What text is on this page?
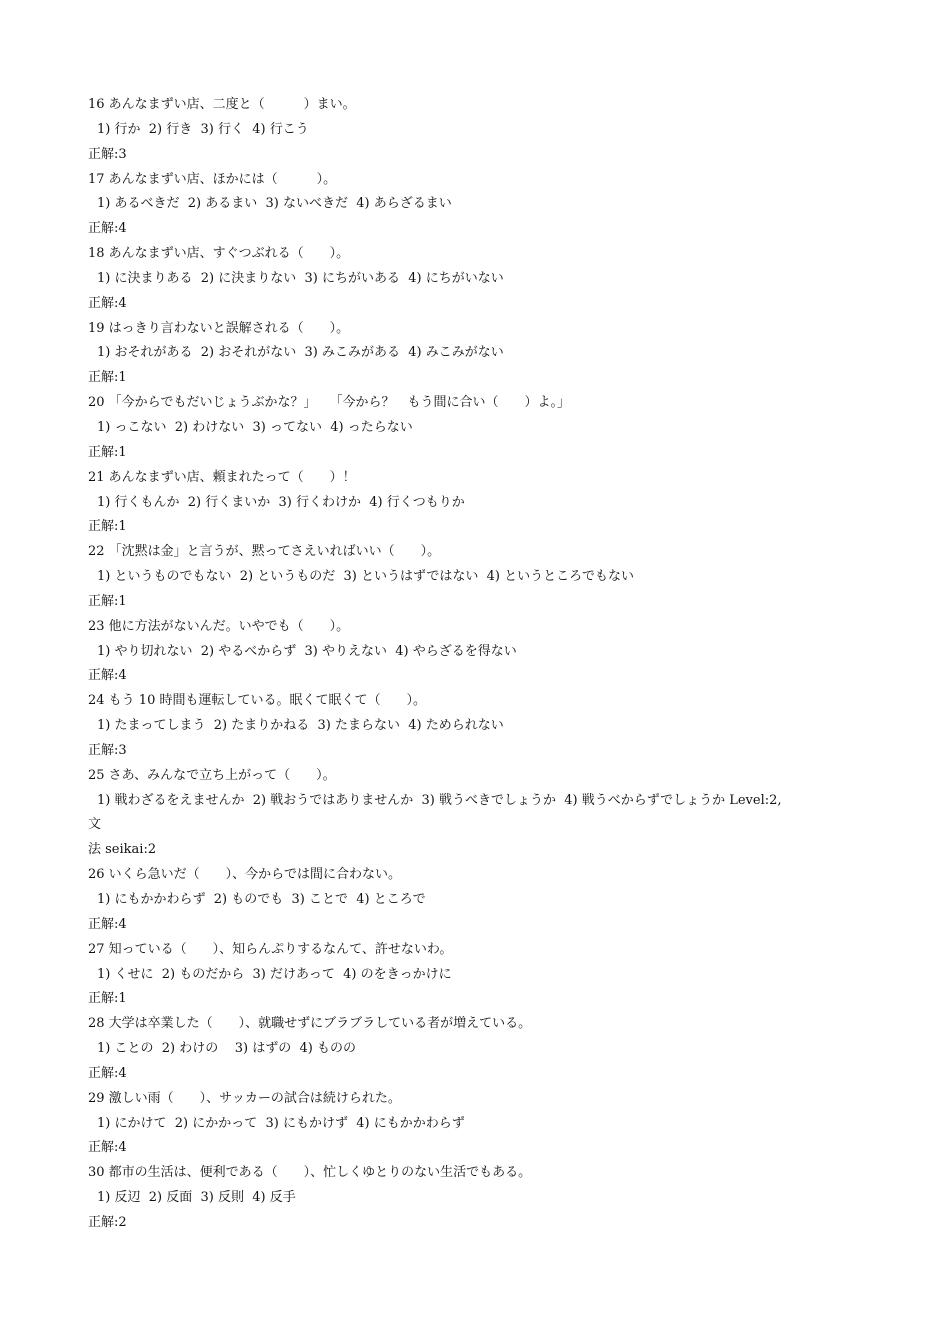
16 あんなまずい店、二度と（　　　）まい。
1) 行か  2) 行き  3) 行く  4) 行こう
正解:3
17 あんなまずい店、ほかには（　　　）。
1) あるべきだ  2) あるまい  3) ないべきだ  4) あらざるまい
正解:4
18 あんなまずい店、すぐつぶれる（　　）。
1) に決まりある  2) に決まりない  3) にちがいある  4) にちがいない
正解:4
19 はっきり言わないと誤解される（　　）。
1) おそれがある  2) おそれがない  3) みこみがある  4) みこみがない
正解:1
20 「今からでもだいじょうぶかな？」　　「今から？　もう間に合い（　　）よ。」
1) っこない  2) わけない  3) ってない  4) ったらない
正解:1
21 あんなまずい店、頼まれたって（　　）！
1) 行くもんか  2) 行くまいか  3) 行くわけか  4) 行くつもりか
正解:1
22 「沈黙は金」と言うが、黙ってさえいればいい（　　）。
1) というものでもない  2) というものだ  3) というはずではない  4) というところでもない
正解:1
23 他に方法がないんだ。いやでも（　　）。
1) やり切れない  2) やるべからず  3) やりえない  4) やらざるを得ない
正解:4
24 もう 10 時間も運転している。眠くて眠くて（　　）。
1) たまってしまう  2) たまりかねる  3) たまらない  4) ためられない
正解:3
25 さあ、みんなで立ち上がって（　　）。
1) 戦わざるをえませんか  2) 戦おうではありませんか  3) 戦うべきでしょうか  4) 戦うべからずでしょうか Level:2,
文
法 seikai:2
26 いくら急いだ（　　）、今からでは間に合わない。
1) にもかかわらず  2) ものでも  3) ことで  4) ところで
正解:4
27 知っている（　　）、知らんぷりするなんて、許せないわ。
1) くせに  2) ものだから  3) だけあって  4) のをきっかけに
正解:1
28 大学は卒業した（　　）、就職せずにブラブラしている者が増えている。
1) ことの  2) わけの    3) はずの  4) ものの
正解:4
29 激しい雨（　　）、サッカーの試合は続けられた。
1) にかけて  2) にかかって  3) にもかけず  4) にもかかわらず
正解:4
30 都市の生活は、便利である（　　）、忙しくゆとりのない生活でもある。
1) 反辺  2) 反面  3) 反則  4) 反手
正解:2
